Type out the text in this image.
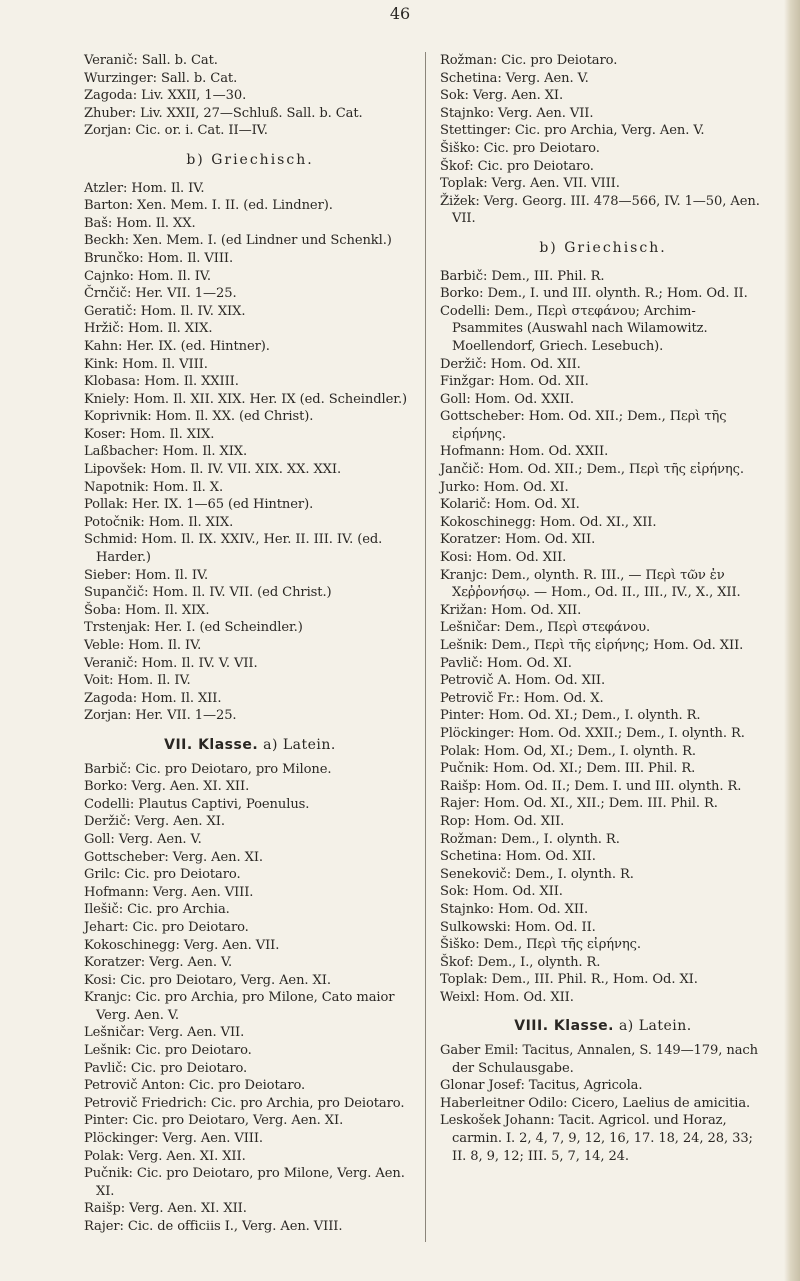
46
Veranič: Sall. b. Cat.
Wurzinger: Sall. b. Cat.
Zagoda: Liv. XXII, 1—30.
Zhuber: Liv. XXII, 27—Schluß. Sall. b. Cat.
Zorjan: Cic. or. i. Cat. II—IV.
b) Griechisch.
Atzler: Hom. Il. IV.
Barton: Xen. Mem. I. II. (ed. Lindner).
Baš: Hom. Il. XX.
Beckh: Xen. Mem. I. (ed Lindner und Schenkl.)
Brunčko: Hom. Il. VIII.
Cajnko: Hom. Il. IV.
Črnčič: Her. VII. 1—25.
Geratič: Hom. Il. IV. XIX.
Hržič: Hom. Il. XIX.
Kahn: Her. IX. (ed. Hintner).
Kink: Hom. Il. VIII.
Klobasa: Hom. Il. XXIII.
Kniely: Hom. Il. XII. XIX. Her. IX (ed. Scheindler.)
Koprivnik: Hom. Il. XX. (ed Christ).
Koser: Hom. Il. XIX.
Laßbacher: Hom. Il. XIX.
Lipovšek: Hom. Il. IV. VII. XIX. XX. XXI.
Napotnik: Hom. Il. X.
Pollak: Her. IX. 1—65 (ed Hintner).
Potočnik: Hom. Il. XIX.
Schmid: Hom. Il. IX. XXIV., Her. II. III. IV. (ed. Harder.)
Sieber: Hom. Il. IV.
Supančič: Hom. Il. IV. VII. (ed Christ.)
Šoba: Hom. Il. XIX.
Trstenjak: Her. I. (ed Scheindler.)
Veble: Hom. Il. IV.
Veranič: Hom. Il. IV. V. VII.
Voit: Hom. Il. IV.
Zagoda: Hom. Il. XII.
Zorjan: Her. VII. 1—25.
VII. Klasse. a) Latein.
Barbič: Cic. pro Deiotaro, pro Milone.
Borko: Verg. Aen. XI. XII.
Codelli: Plautus Captivi, Poenulus.
Deržič: Verg. Aen. XI.
Goll: Verg. Aen. V.
Gottscheber: Verg. Aen. XI.
Grilc: Cic. pro Deiotaro.
Hofmann: Verg. Aen. VIII.
Ilešič: Cic. pro Archia.
Jehart: Cic. pro Deiotaro.
Kokoschinegg: Verg. Aen. VII.
Koratzer: Verg. Aen. V.
Kosi: Cic. pro Deiotaro, Verg. Aen. XI.
Kranjc: Cic. pro Archia, pro Milone, Cato maior Verg. Aen. V.
Lešničar: Verg. Aen. VII.
Lešnik: Cic. pro Deiotaro.
Pavlič: Cic. pro Deiotaro.
Petrovič Anton: Cic. pro Deiotaro.
Petrovič Friedrich: Cic. pro Archia, pro Deiotaro.
Pinter: Cic. pro Deiotaro, Verg. Aen. XI.
Plöckinger: Verg. Aen. VIII.
Polak: Verg. Aen. XI. XII.
Pučnik: Cic. pro Deiotaro, pro Milone, Verg. Aen. XI.
Raišp: Verg. Aen. XI. XII.
Rajer: Cic. de officiis I., Verg. Aen. VIII.
Rožman: Cic. pro Deiotaro.
Schetina: Verg. Aen. V.
Sok: Verg. Aen. XI.
Stajnko: Verg. Aen. VII.
Stettinger: Cic. pro Archia, Verg. Aen. V.
Šiško: Cic. pro Deiotaro.
Škof: Cic. pro Deiotaro.
Toplak: Verg. Aen. VII. VIII.
Žižek: Verg. Georg. III. 478—566, IV. 1—50, Aen. VII.
b) Griechisch.
Barbič: Dem., III. Phil. R.
Borko: Dem., I. und III. olynth. R.; Hom. Od. II.
Codelli: Dem., Περὶ στεφάνου; Archim- Psammites (Auswahl nach Wilamowitz. Moellendorf, Griech. Lesebuch).
Deržič: Hom. Od. XII.
Finžgar: Hom. Od. XII.
Goll: Hom. Od. XXII.
Gottscheber: Hom. Od. XII.; Dem., Περὶ τῆς εἰρήνης.
Hofmann: Hom. Od. XXII.
Jančič: Hom. Od. XII.; Dem., Περὶ τῆς εἰρήνης.
Jurko: Hom. Od. XI.
Kolarič: Hom. Od. XI.
Kokoschinegg: Hom. Od. XI., XII.
Koratzer: Hom. Od. XII.
Kosi: Hom. Od. XII.
Kranjc: Dem., olynth. R. III., — Περὶ τῶν ἐν Χεῤῥονήσῳ. — Hom., Od. II., III., IV., X., XII.
Križan: Hom. Od. XII.
Lešničar: Dem., Περὶ στεφάνου.
Lešnik: Dem., Περὶ τῆς εἰρήνης; Hom. Od. XII.
Pavlič: Hom. Od. XI.
Petrovič A. Hom. Od. XII.
Petrovič Fr.: Hom. Od. X.
Pinter: Hom. Od. XI.; Dem., I. olynth. R.
Plöckinger: Hom. Od. XXII.; Dem., I. olynth. R.
Polak: Hom. Od, XI.; Dem., I. olynth. R.
Pučnik: Hom. Od. XI.; Dem. III. Phil. R.
Raišp: Hom. Od. II.; Dem. I. und III. olynth. R.
Rajer: Hom. Od. XI., XII.; Dem. III. Phil. R.
Rop: Hom. Od. XII.
Rožman: Dem., I. olynth. R.
Schetina: Hom. Od. XII.
Senekovič: Dem., I. olynth. R.
Sok: Hom. Od. XII.
Stajnko: Hom. Od. XII.
Sulkowski: Hom. Od. II.
Šiško: Dem., Περὶ τῆς εἰρήνης.
Škof: Dem., I., olynth. R.
Toplak: Dem., III. Phil. R., Hom. Od. XI.
Weixl: Hom. Od. XII.
VIII. Klasse. a) Latein.
Gaber Emil: Tacitus, Annalen, S. 149—179, nach der Schulausgabe.
Glonar Josef: Tacitus, Agricola.
Haberleitner Odilo: Cicero, Laelius de amicitia.
Leskošek Johann: Tacit. Agricol. und Horaz, carmin. I. 2, 4, 7, 9, 12, 16, 17. 18, 24, 28, 33; II. 8, 9, 12; III. 5, 7, 14, 24.
